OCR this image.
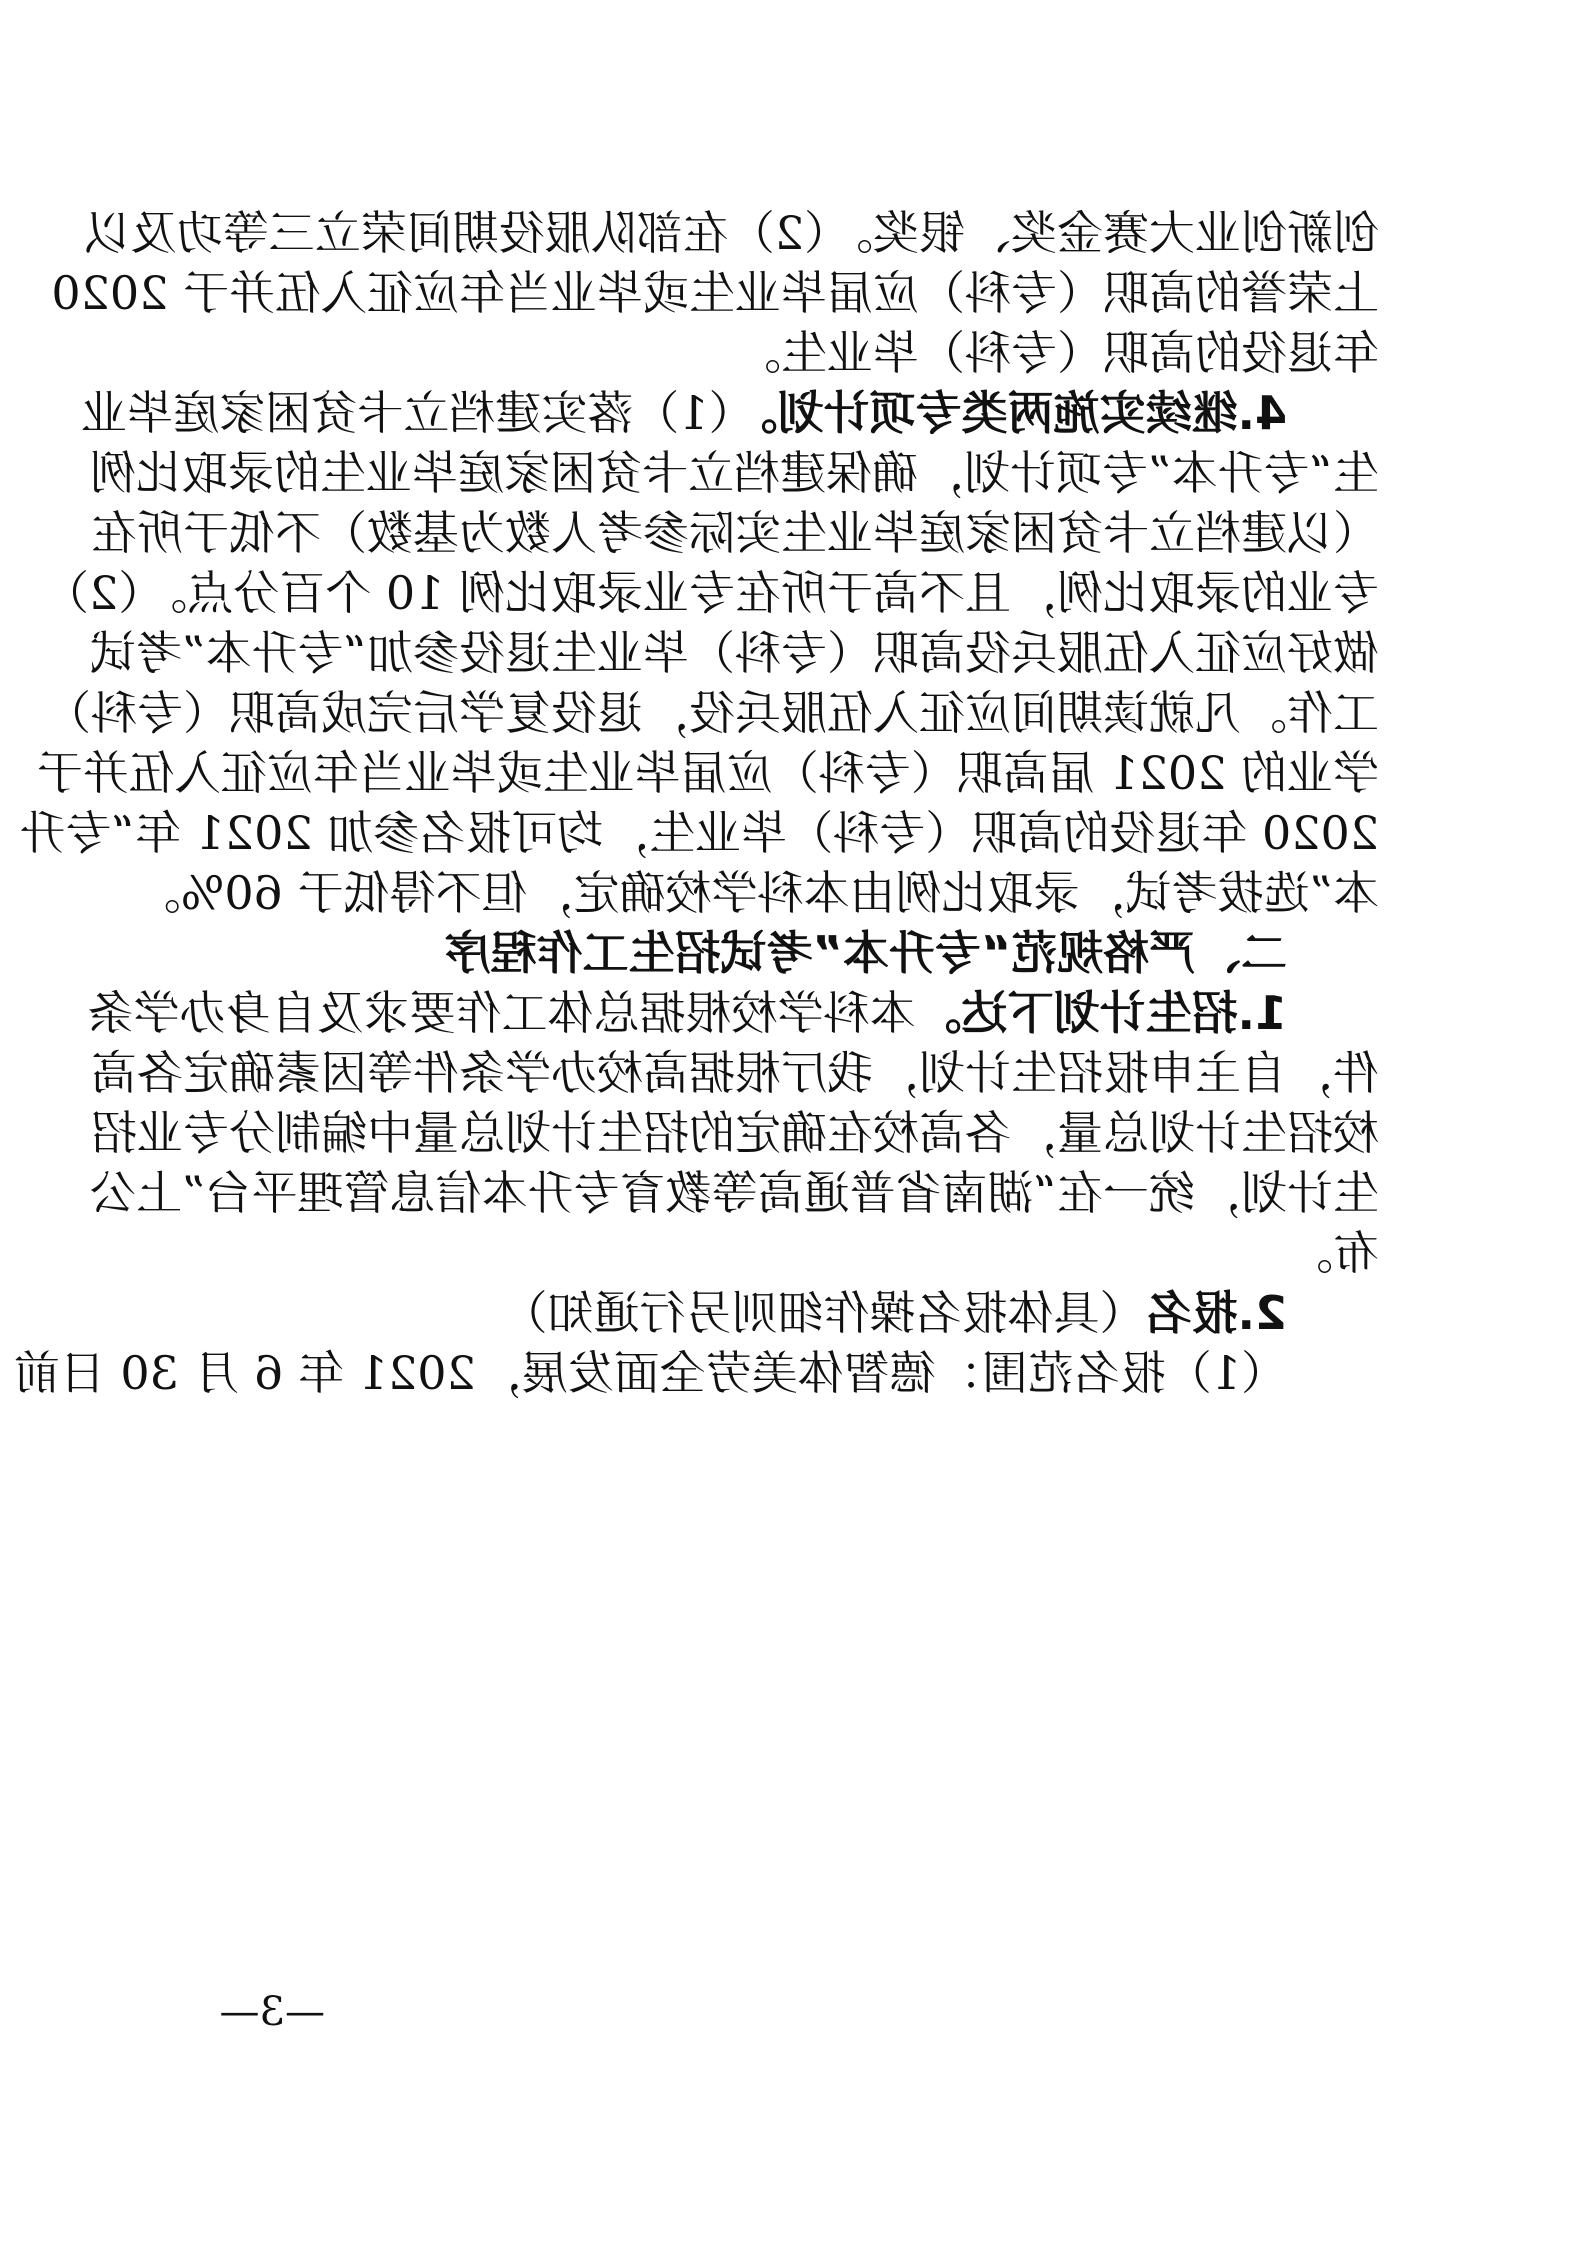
创新创业大赛金奖、银奖。（2）在部队服役期间荣立三等功及以
上荣誉的高职（专科）应届毕业生或毕业当年应征入伍并于 2020
年退役的高职（专科）毕业生。
4.继续实施两类专项计划。（1）落实建档立卡贫困家庭毕业
生“专升本”专项计划，确保建档立卡贫困家庭毕业生的录取比例
（以建档立卡贫困家庭毕业生实际参考人数为基数）不低于所在
专业的录取比例，且不高于所在专业录取比例 10 个百分点。（2）
做好应征入伍服兵役高职（专科）毕业生退役参加“专升本”考试
工作。凡就读期间应征入伍服兵役，退役复学后完成高职（专科）
学业的 2021 届高职（专科）应届毕业生或毕业当年应征入伍并于
2020 年退役的高职（专科）毕业生，均可报名参加 2021 年“专升
本”选拔考试，录取比例由本科学校确定，但不得低于 60%。
二、严格规范“专升本”考试招生工作程序
1.招生计划下达。本科学校根据总体工作要求及自身办学条
件，自主申报招生计划，我厅根据高校办学条件等因素确定各高
校招生计划总量，各高校在确定的招生计划总量中编制分专业招
生计划，统一在“湖南省普通高等教育专升本信息管理平台”上公
布。
2.报名（具体报名操作细则另行通知）
（1）报名范围：德智体美劳全面发展，2021 年 6 月 30 日前
—3—
